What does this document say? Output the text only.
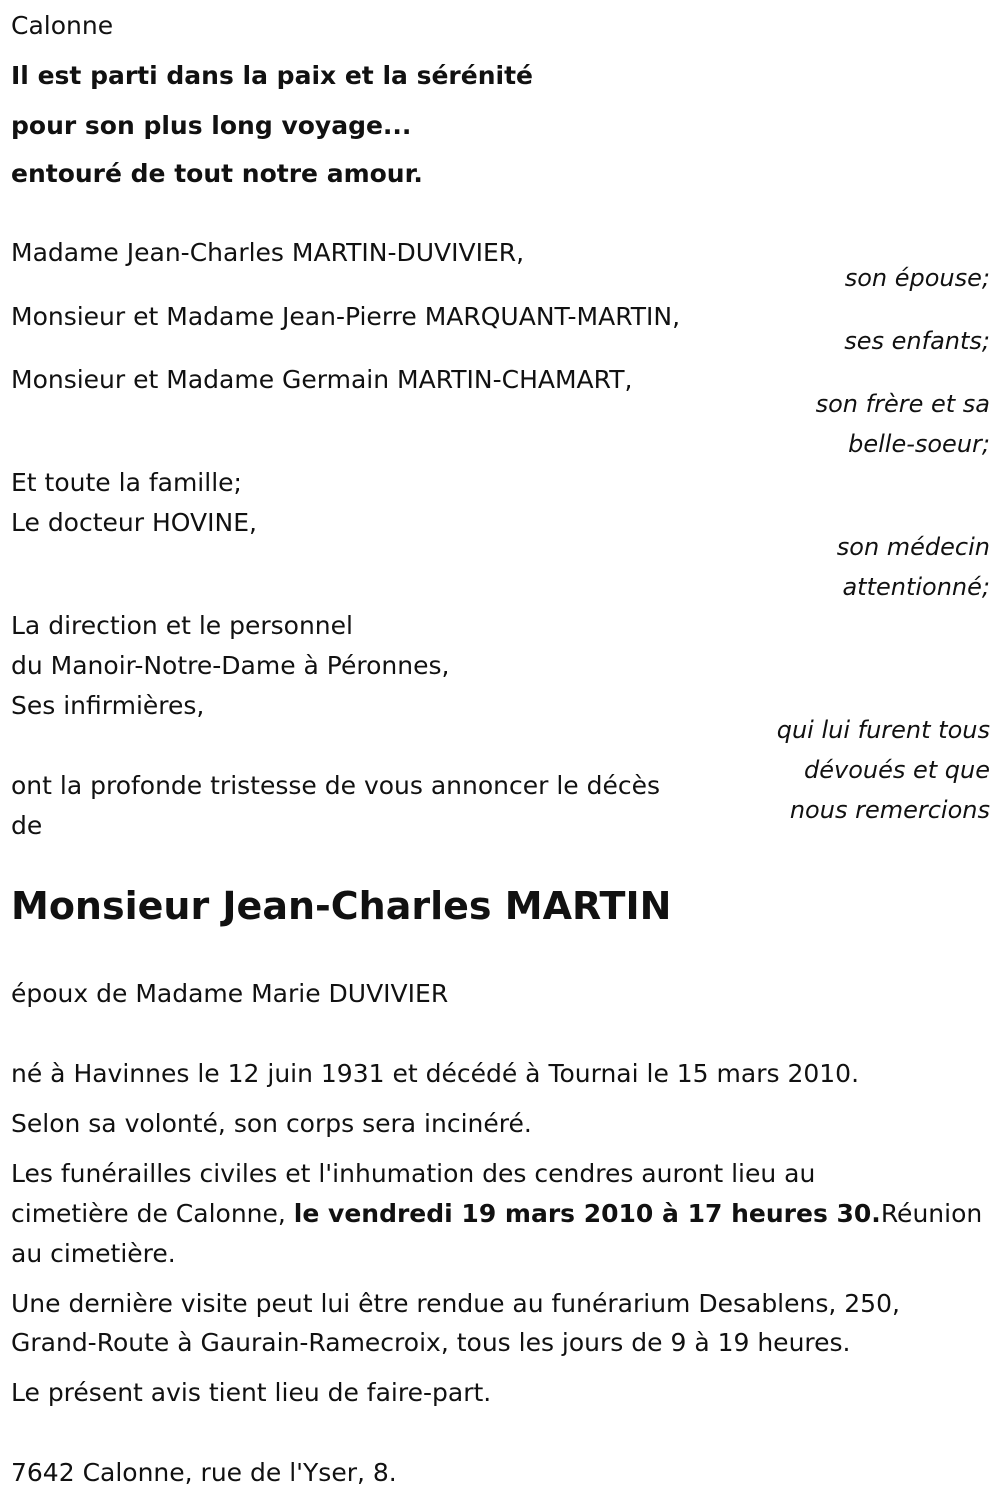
Calonne
Il est parti dans la paix et la sérénité
pour son plus long voyage...
entouré de tout notre amour.
Madame Jean-Charles MARTIN-DUVIVIER,
son épouse;
Monsieur et Madame Jean-Pierre MARQUANT-MARTIN,
ses enfants;
Monsieur et Madame Germain MARTIN-CHAMART,
son frère et sa
belle-soeur;
Et toute la famille;
Le docteur HOVINE,
son médecin
attentionné;
La direction et le personnel
du Manoir-Notre-Dame à Péronnes,
Ses infirmières,
qui lui furent tous
dévoués et que
nous remercions
ont la profonde tristesse de vous annoncer le décès
de
Monsieur Jean-Charles MARTIN
époux de Madame Marie DUVIVIER
né à Havinnes le 12 juin 1931 et décédé à Tournai le 15 mars 2010.
Selon sa volonté, son corps sera incinéré.
Les funérailles civiles et l'inhumation des cendres auront lieu au
cimetière de Calonne, le vendredi 19 mars 2010 à 17 heures 30.Réunion
au cimetière.
Une dernière visite peut lui être rendue au funérarium Desablens, 250,
Grand-Route à Gaurain-Ramecroix, tous les jours de 9 à 19 heures.
Le présent avis tient lieu de faire-part.
7642 Calonne, rue de l'Yser, 8.
